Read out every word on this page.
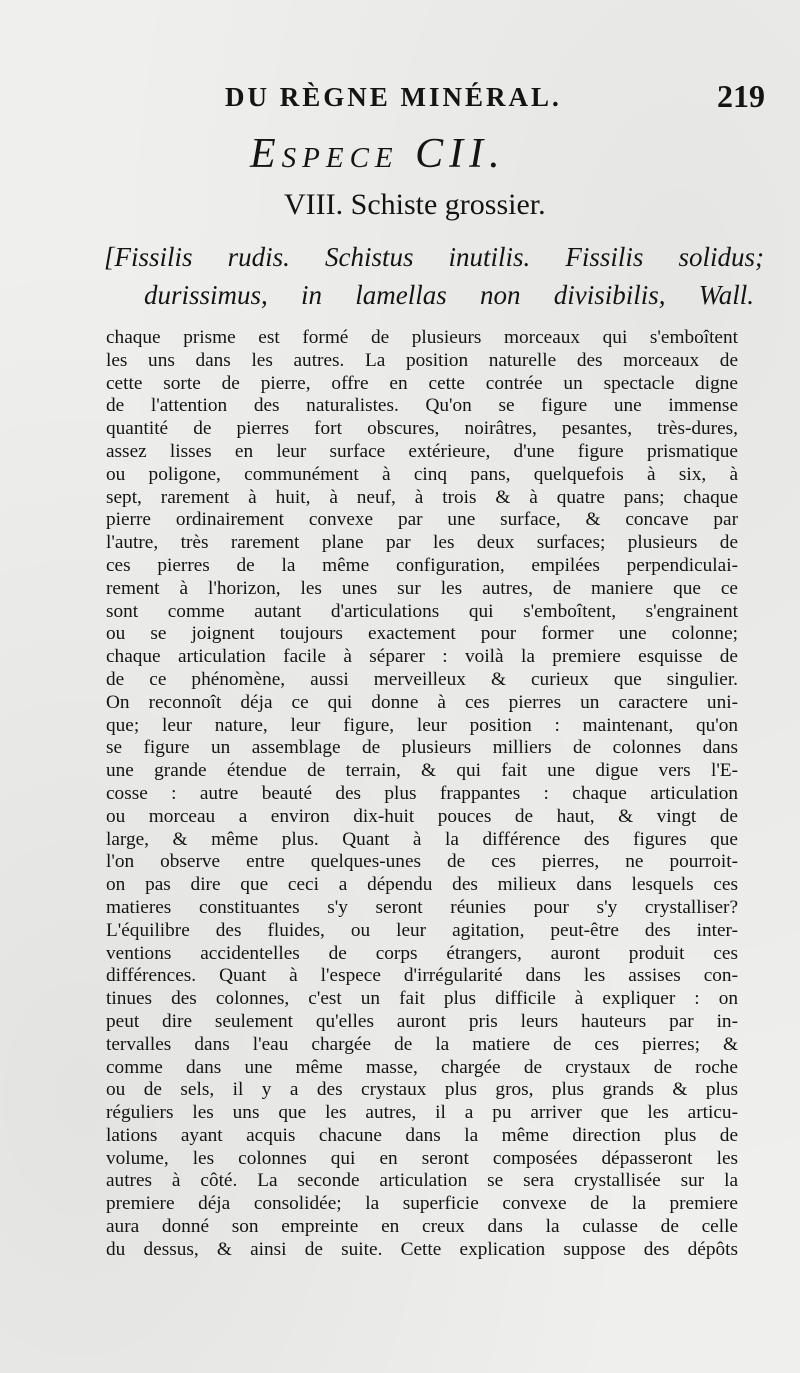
DU RÈGNE MINÉRAL.	219
Espece CII.
VIII. Schiste grossier.
[Fissilis rudis. Schistus inutilis. Fissilis solidus;
durissimus, in lamellas non divisibilis, Wall.
chaque prisme est formé de plusieurs morceaux qui s'emboîtent
les uns dans les autres. La position naturelle des morceaux de
cette sorte de pierre, offre en cette contrée un spectacle digne
de l'attention des naturalistes. Qu'on se figure une immense
quantité de pierres fort obscures, noirâtres, pesantes, très-dures,
assez lisses en leur surface extérieure, d'une figure prismatique
ou poligone, communément à cinq pans, quelquefois à six, à
sept, rarement à huit, à neuf, à trois & à quatre pans; chaque
pierre ordinairement convexe par une surface, & concave par
l'autre, très rarement plane par les deux surfaces; plusieurs de
ces pierres de la même configuration, empilées perpendiculai-
rement à l'horizon, les unes sur les autres, de maniere que ce
sont comme autant d'articulations qui s'emboîtent, s'engrainent
ou se joignent toujours exactement pour former une colonne;
chaque articulation facile à séparer : voilà la premiere esquisse de
de ce phénomène, aussi merveilleux & curieux que singulier.
On reconnoît déja ce qui donne à ces pierres un caractere uni-
que; leur nature, leur figure, leur position : maintenant, qu'on
se figure un assemblage de plusieurs milliers de colonnes dans
une grande étendue de terrain, & qui fait une digue vers l'E-
cosse : autre beauté des plus frappantes : chaque articulation
ou morceau a environ dix-huit pouces de haut, & vingt de
large, & même plus. Quant à la différence des figures que
l'on observe entre quelques-unes de ces pierres, ne pourroit-
on pas dire que ceci a dépendu des milieux dans lesquels ces
matieres constituantes s'y seront réunies pour s'y crystalliser?
L'équilibre des fluides, ou leur agitation, peut-être des inter-
ventions accidentelles de corps étrangers, auront produit ces
différences. Quant à l'espece d'irrégularité dans les assises con-
tinues des colonnes, c'est un fait plus difficile à expliquer : on
peut dire seulement qu'elles auront pris leurs hauteurs par in-
tervalles dans l'eau chargée de la matiere de ces pierres; &
comme dans une même masse, chargée de crystaux de roche
ou de sels, il y a des crystaux plus gros, plus grands & plus
réguliers les uns que les autres, il a pu arriver que les articu-
lations ayant acquis chacune dans la même direction plus de
volume, les colonnes qui en seront composées dépasseront les
autres à côté. La seconde articulation se sera crystallisée sur la
premiere déja consolidée; la superficie convexe de la premiere
aura donné son empreinte en creux dans la culasse de celle
du dessus, & ainsi de suite. Cette explication suppose des dépôts
